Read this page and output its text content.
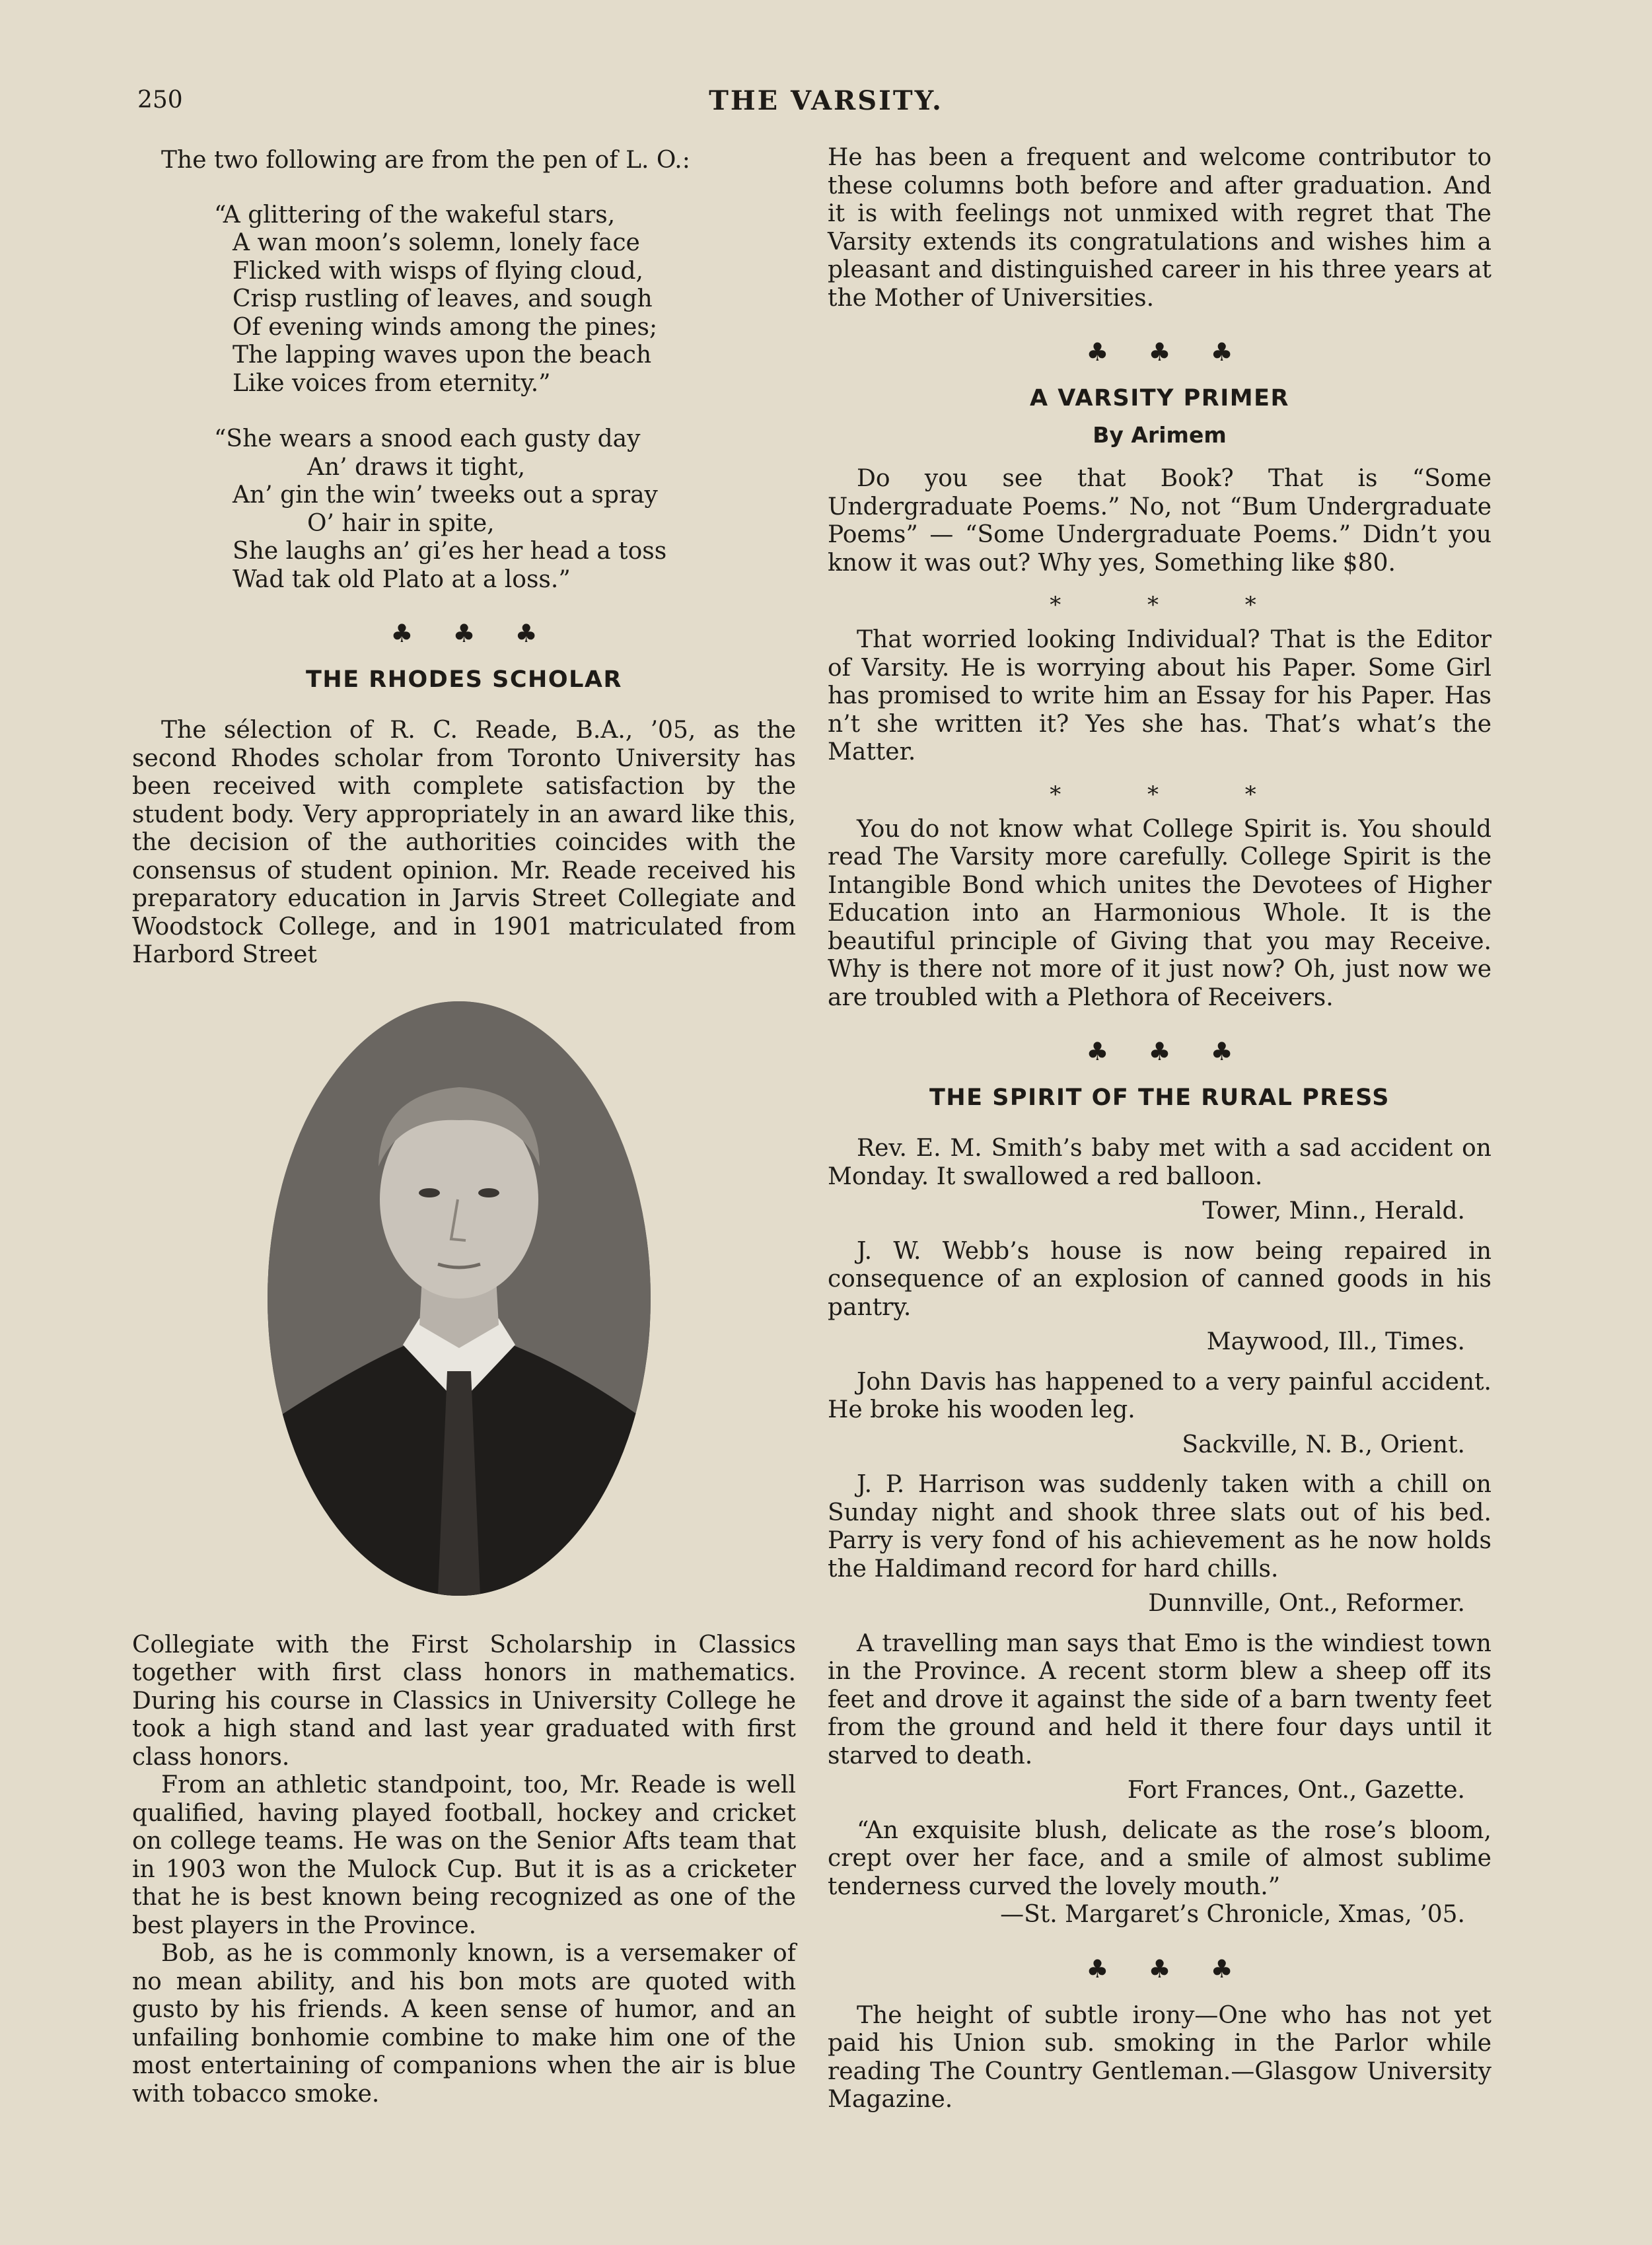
250	THE VARSITY.

The two following are from the pen of L. O.:

“A glittering of the wakeful stars,
A wan moon’s solemn, lonely face
Flicked with wisps of flying cloud,
Crisp rustling of leaves, and sough
Of evening winds among the pines;
The lapping waves upon the beach
Like voices from eternity.”
“She wears a snood each gusty day
An’ draws it tight,
An’ gin the win’ tweeks out a spray
O’ hair in spite,
She laughs an’ gi’es her head a toss
Wad tak old Plato at a loss.”
♣ ♣ ♣
THE RHODES SCHOLAR

The sélection of R. C. Reade, B.A., ’05, as the second Rhodes scholar from Toronto University has been received with complete satisfaction by the student body. Very appropriately in an award like this, the decision of the authorities coincides with the consensus of student opinion. Mr. Reade received his preparatory education in Jarvis Street Collegiate and Woodstock College, and in 1901 matriculated from Harbord Street

Collegiate with the First Scholarship in Classics together with first class honors in mathematics. During his course in Classics in University College he took a high stand and last year graduated with first class honors.

From an athletic standpoint, too, Mr. Reade is well qualified, having played football, hockey and cricket on college teams. He was on the Senior Afts team that in 1903 won the Mulock Cup. But it is as a cricketer that he is best known being recognized as one of the best players in the Province.

Bob, as he is commonly known, is a versemaker of no mean ability, and his bon mots are quoted with gusto by his friends. A keen sense of humor, and an unfailing bonhomie combine to make him one of the most entertaining of companions when the air is blue with tobacco smoke.

He has been a frequent and welcome contributor to these columns both before and after graduation. And it is with feelings not unmixed with regret that The Varsity extends its congratulations and wishes him a pleasant and distinguished career in his three years at the Mother of Universities.

♣ ♣ ♣
A VARSITY PRIMER
By Arimem

Do you see that Book? That is “Some Undergraduate Poems.” No, not “Bum Undergraduate Poems” — “Some Undergraduate Poems.” Didn’t you know it was out? Why yes, Something like $80.

* * *

That worried looking Individual? That is the Editor of Varsity. He is worrying about his Paper. Some Girl has promised to write him an Essay for his Paper. Has n’t she written it? Yes she has. That’s what’s the Matter.

* * *

You do not know what College Spirit is. You should read The Varsity more carefully. College Spirit is the Intangible Bond which unites the Devotees of Higher Education into an Harmonious Whole. It is the beautiful principle of Giving that you may Receive. Why is there not more of it just now? Oh, just now we are troubled with a Plethora of Receivers.

♣ ♣ ♣
THE SPIRIT OF THE RURAL PRESS

Rev. E. M. Smith’s baby met with a sad accident on Monday. It swallowed a red balloon.

Tower, Minn., Herald.

J. W. Webb’s house is now being repaired in consequence of an explosion of canned goods in his pantry.

Maywood, Ill., Times.

John Davis has happened to a very painful accident. He broke his wooden leg.

Sackville, N. B., Orient.

J. P. Harrison was suddenly taken with a chill on Sunday night and shook three slats out of his bed. Parry is very fond of his achievement as he now holds the Haldimand record for hard chills.

Dunnville, Ont., Reformer.

A travelling man says that Emo is the windiest town in the Province. A recent storm blew a sheep off its feet and drove it against the side of a barn twenty feet from the ground and held it there four days until it starved to death.

Fort Frances, Ont., Gazette.

“An exquisite blush, delicate as the rose’s bloom, crept over her face, and a smile of almost sublime tenderness curved the lovely mouth.”

—St. Margaret’s Chronicle, Xmas, ’05.
♣ ♣ ♣

The height of subtle irony—One who has not yet paid his Union sub. smoking in the Parlor while reading The Country Gentleman.—Glasgow University Magazine.
